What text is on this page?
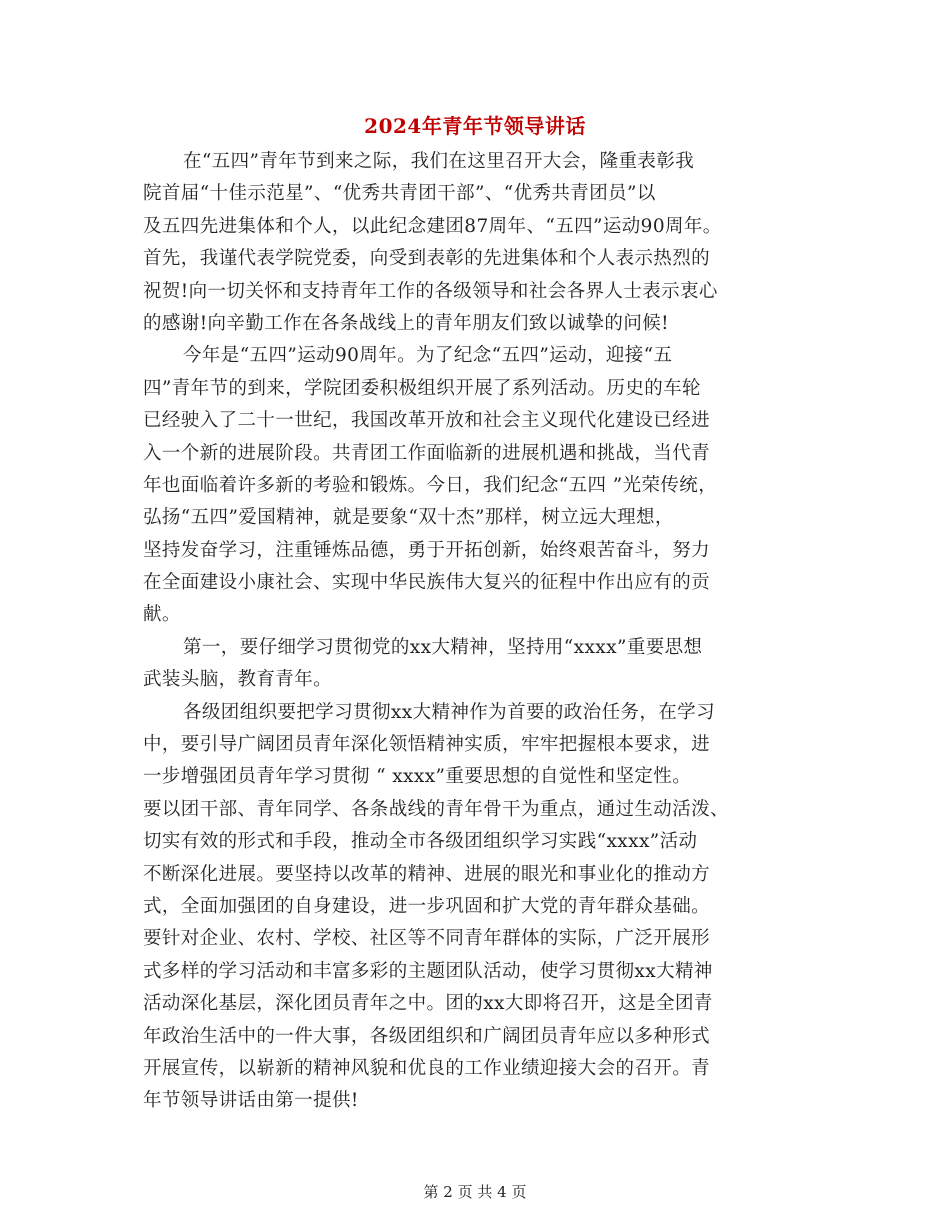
2024年青年节领导讲话
在“五四”青年节到来之际，我们在这里召开大会，隆重表彰我
院首届“十佳示范星”、“优秀共青团干部”、“优秀共青团员”以
及五四先进集体和个人，以此纪念建团87周年、“五四”运动90周年。
首先，我谨代表学院党委，向受到表彰的先进集体和个人表示热烈的
祝贺!向一切关怀和支持青年工作的各级领导和社会各界人士表示衷心
的感谢!向辛勤工作在各条战线上的青年朋友们致以诚挚的问候!
今年是“五四”运动90周年。为了纪念“五四”运动，迎接“五
四”青年节的到来，学院团委积极组织开展了系列活动。历史的车轮
已经驶入了二十一世纪，我国改革开放和社会主义现代化建设已经进
入一个新的进展阶段。共青团工作面临新的进展机遇和挑战，当代青
年也面临着许多新的考验和锻炼。今日，我们纪念“五四 ”光荣传统，
弘扬“五四”爱国精神，就是要象“双十杰”那样，树立远大理想，
坚持发奋学习，注重锤炼品德，勇于开拓创新，始终艰苦奋斗，努力
在全面建设小康社会、实现中华民族伟大复兴的征程中作出应有的贡
献。
第一，要仔细学习贯彻党的xx大精神，坚持用“xxxx”重要思想
武装头脑，教育青年。
各级团组织要把学习贯彻xx大精神作为首要的政治任务，在学习
中，要引导广阔团员青年深化领悟精神实质，牢牢把握根本要求，进
一步增强团员青年学习贯彻 “ xxxx”重要思想的自觉性和坚定性。
要以团干部、青年同学、各条战线的青年骨干为重点，通过生动活泼、
切实有效的形式和手段，推动全市各级团组织学习实践“xxxx”活动
不断深化进展。要坚持以改革的精神、进展的眼光和事业化的推动方
式，全面加强团的自身建设，进一步巩固和扩大党的青年群众基础。
要针对企业、农村、学校、社区等不同青年群体的实际，广泛开展形
式多样的学习活动和丰富多彩的主题团队活动，使学习贯彻xx大精神
活动深化基层，深化团员青年之中。团的xx大即将召开，这是全团青
年政治生活中的一件大事，各级团组织和广阔团员青年应以多种形式
开展宣传，以崭新的精神风貌和优良的工作业绩迎接大会的召开。青
年节领导讲话由第一提供!
第 2 页 共 4 页
